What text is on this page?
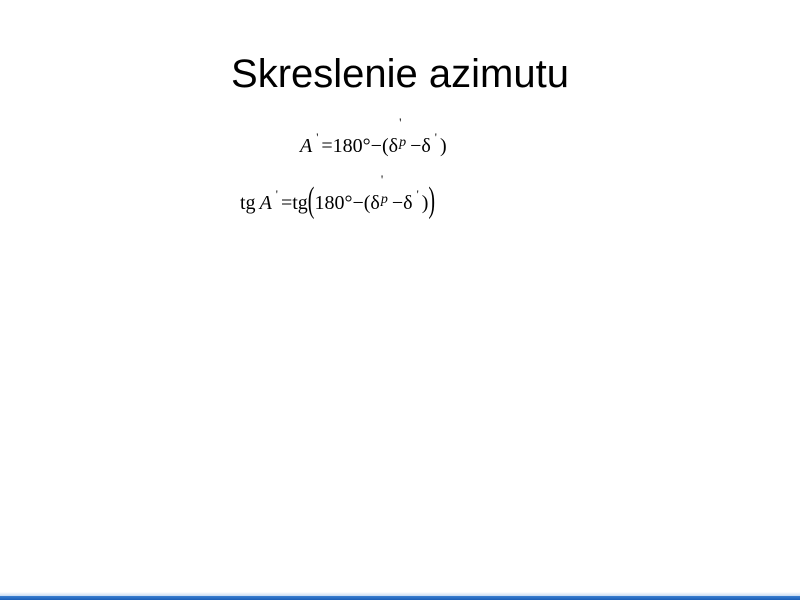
Skreslenie azimutu
A ' =180°−(δ
'
p −δ ' )
tg A ' =tg(180°−(δ
'
p −δ ' ))
